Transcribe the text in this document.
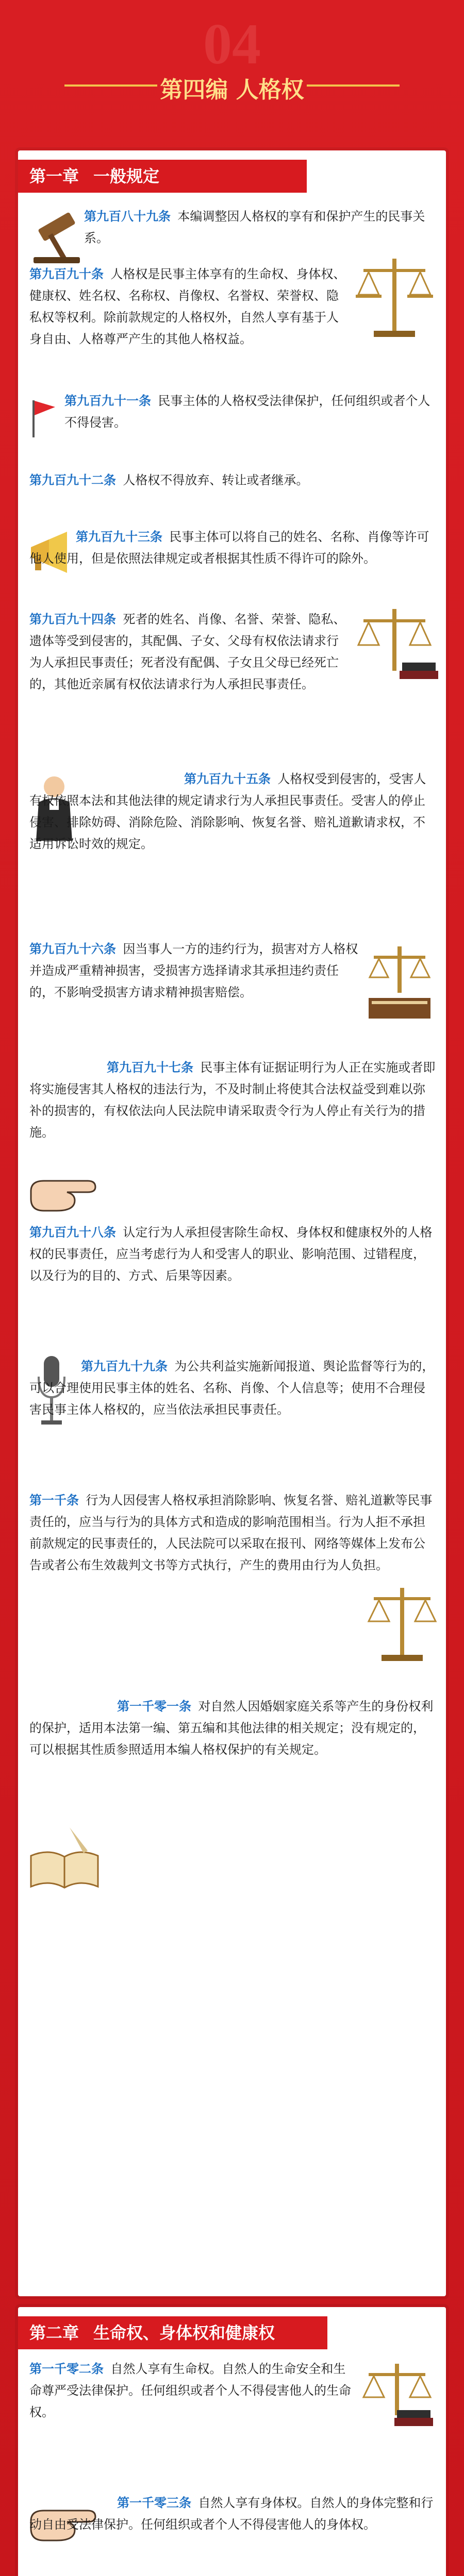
04
第四编 人格权
第一章 一般规定
第九百八十九条 本编调整因人格权的享有和保护产生的民事关系。
第九百九十条 人格权是民事主体享有的生命权、身体权、健康权、姓名权、名称权、肖像权、名誉权、荣誉权、隐私权等权利。除前款规定的人格权外，自然人享有基于人身自由、人格尊严产生的其他人格权益。
第九百九十一条 民事主体的人格权受法律保护，任何组织或者个人不得侵害。
第九百九十二条 人格权不得放弃、转让或者继承。
第九百九十三条 民事主体可以将自己的姓名、名称、肖像等许可他人使用，但是依照法律规定或者根据其性质不得许可的除外。
第九百九十四条 死者的姓名、肖像、名誉、荣誉、隐私、遗体等受到侵害的，其配偶、子女、父母有权依法请求行为人承担民事责任；死者没有配偶、子女且父母已经死亡的，其他近亲属有权依法请求行为人承担民事责任。
第九百九十五条 人格权受到侵害的，受害人有权依照本法和其他法律的规定请求行为人承担民事责任。受害人的停止侵害、排除妨碍、消除危险、消除影响、恢复名誉、赔礼道歉请求权，不适用诉讼时效的规定。
第九百九十六条 因当事人一方的违约行为，损害对方人格权并造成严重精神损害，受损害方选择请求其承担违约责任的，不影响受损害方请求精神损害赔偿。
第九百九十七条 民事主体有证据证明行为人正在实施或者即将实施侵害其人格权的违法行为，不及时制止将使其合法权益受到难以弥补的损害的，有权依法向人民法院申请采取责令行为人停止有关行为的措施。
第九百九十八条 认定行为人承担侵害除生命权、身体权和健康权外的人格权的民事责任，应当考虑行为人和受害人的职业、影响范围、过错程度，以及行为的目的、方式、后果等因素。
第九百九十九条 为公共利益实施新闻报道、舆论监督等行为的，可以合理使用民事主体的姓名、名称、肖像、个人信息等；使用不合理侵害民事主体人格权的，应当依法承担民事责任。
第一千条 行为人因侵害人格权承担消除影响、恢复名誉、赔礼道歉等民事责任的，应当与行为的具体方式和造成的影响范围相当。行为人拒不承担前款规定的民事责任的，人民法院可以采取在报刊、网络等媒体上发布公告或者公布生效裁判文书等方式执行，产生的费用由行为人负担。
第一千零一条 对自然人因婚姻家庭关系等产生的身份权利的保护，适用本法第一编、第五编和其他法律的相关规定；没有规定的，可以根据其性质参照适用本编人格权保护的有关规定。
第二章 生命权、身体权和健康权
第一千零二条 自然人享有生命权。自然人的生命安全和生命尊严受法律保护。任何组织或者个人不得侵害他人的生命权。
第一千零三条 自然人享有身体权。自然人的身体完整和行动自由受法律保护。任何组织或者个人不得侵害他人的身体权。
